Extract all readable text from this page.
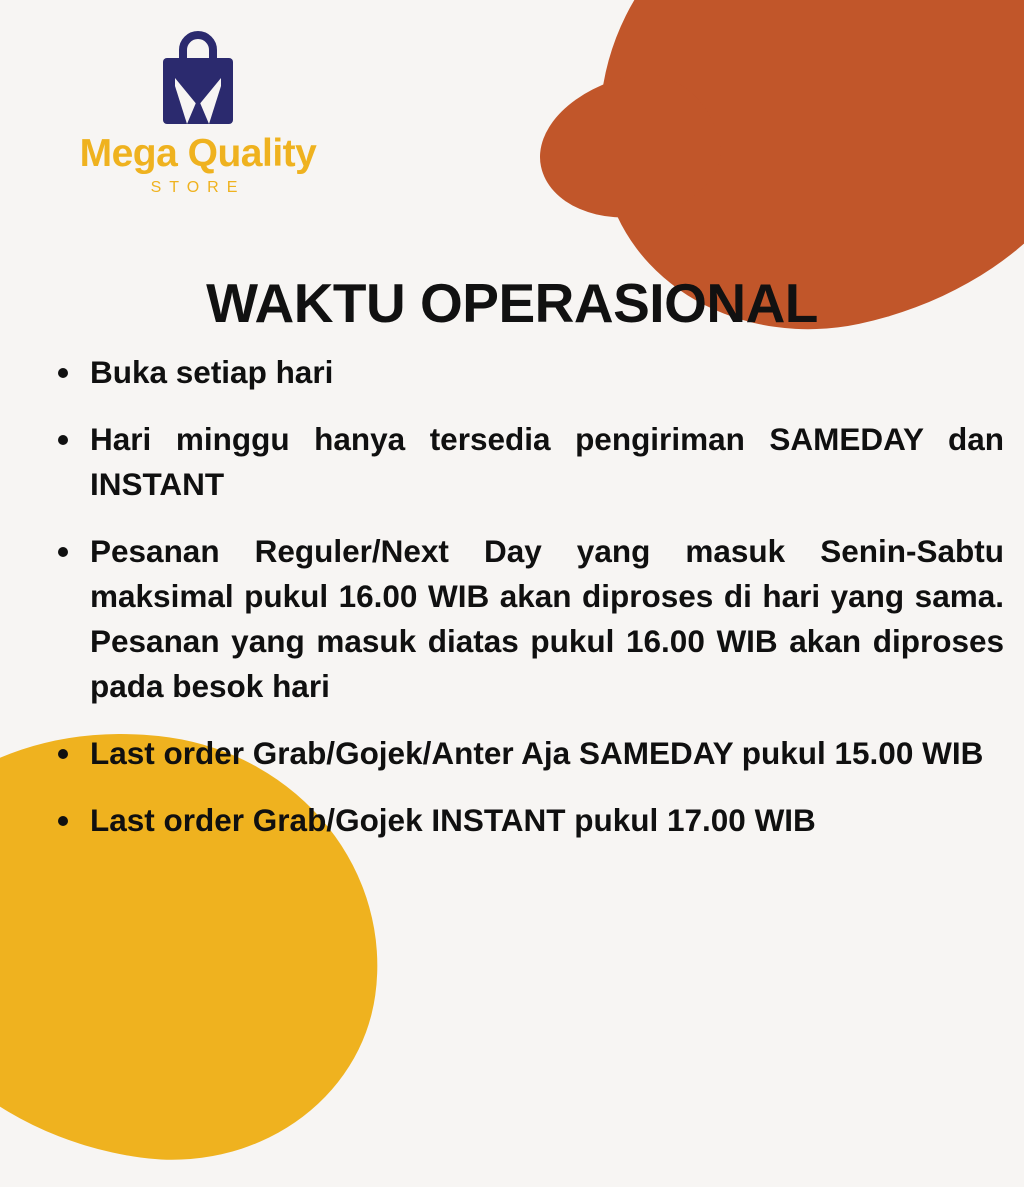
Mega Quality
STORE
WAKTU OPERASIONAL
Buka setiap hari
Hari minggu hanya tersedia pengiriman SAMEDAY dan INSTANT
Pesanan Reguler/Next Day yang masuk Senin-Sabtu maksimal pukul 16.00 WIB akan diproses di hari yang sama. Pesanan yang masuk diatas pukul 16.00 WIB akan diproses pada besok hari
Last order Grab/Gojek/Anter Aja SAMEDAY pukul 15.00 WIB
Last order Grab/Gojek INSTANT pukul 17.00 WIB
